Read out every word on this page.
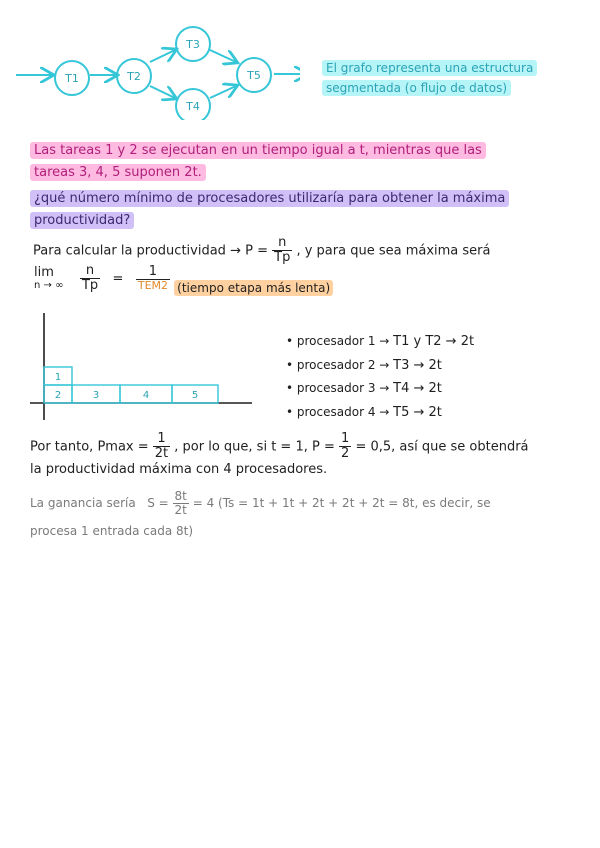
T1	T2
T3
T4
T5
El grafo representa una estructura
segmentada (o flujo de datos)
Las tareas 1 y 2 se ejecutan en un tiempo igual a t, mientras que las
tareas 3, 4, 5 suponen 2t.
¿qué número mínimo de procesadores utilizaría para obtener la máxima
productividad?
Para calcular la productividad → $P = \frac{n}{Tp}$ , y para que sea máxima será
lim
n → ∞
$\frac{n}{Tp} = \frac{1}{\text{TEM2}}$ (tiempo etapa más lenta)
1
2	3	4	5
• procesador 1 → T1 y T2 → 2t
• procesador 2 → T3 → 2t
• procesador 3 → T4 → 2t
• procesador 4 → T5 → 2t
Por tanto, $Pmax = \frac{1}{2t}$ , por lo que, si t = 1, $P = \frac{1}{2} = 0,5$, así que se obtendrá
la productividad máxima con 4 procesadores.
La ganancia sería $S = \frac{8t}{2t} = 4$ (Ts = 1t + 1t + 2t + 2t + 2t = 8t, es decir, se
procesa 1 entrada cada 8t)
